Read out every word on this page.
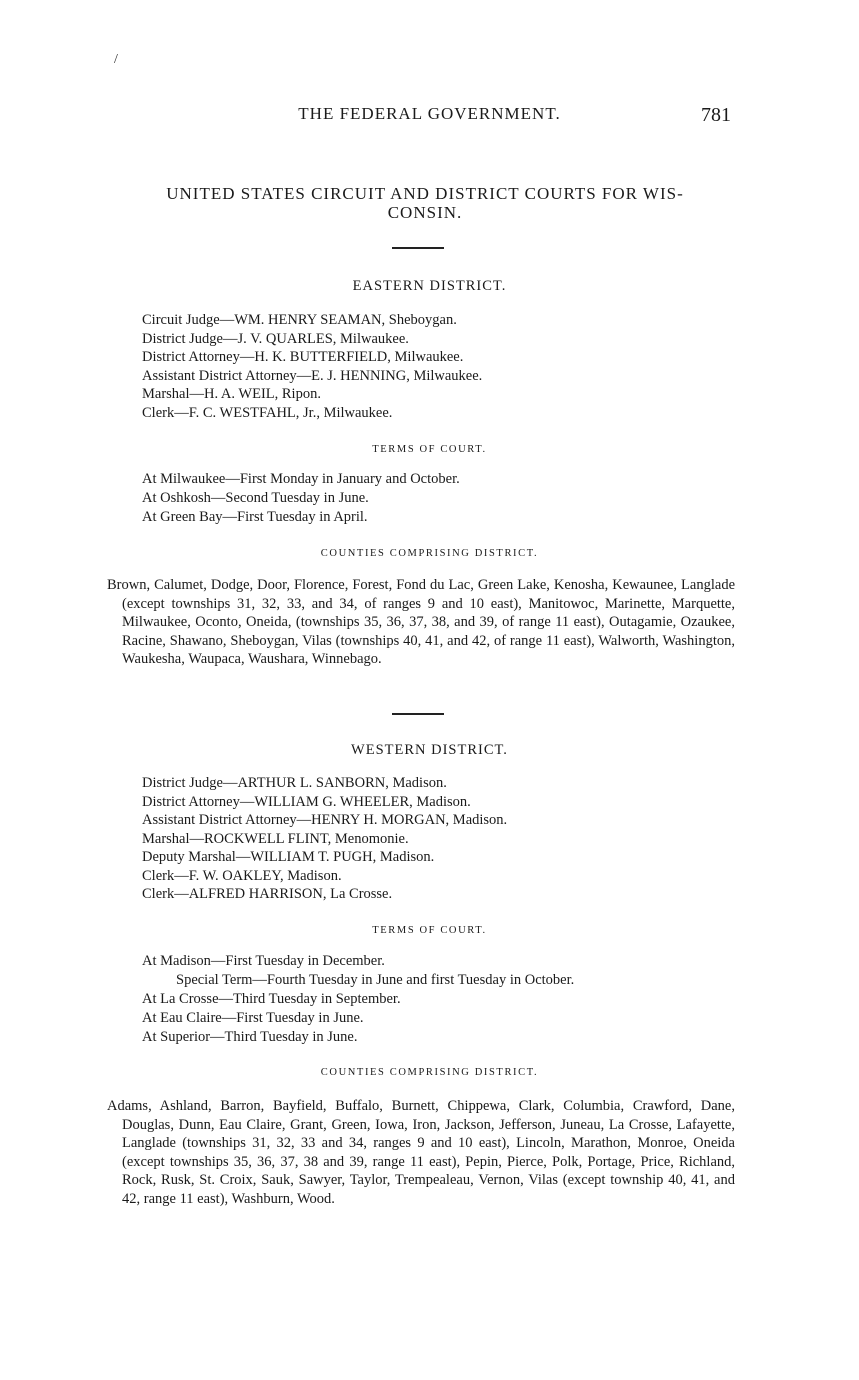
/
THE FEDERAL GOVERNMENT.	781
UNITED STATES CIRCUIT AND DISTRICT COURTS FOR WIS-
CONSIN.
EASTERN DISTRICT.
Circuit Judge—WM. HENRY SEAMAN, Sheboygan.
District Judge—J. V. QUARLES, Milwaukee.
District Attorney—H. K. BUTTERFIELD, Milwaukee.
Assistant District Attorney—E. J. HENNING, Milwaukee.
Marshal—H. A. WEIL, Ripon.
Clerk—F. C. WESTFAHL, Jr., Milwaukee.
TERMS OF COURT.
At Milwaukee—First Monday in January and October.
At Oshkosh—Second Tuesday in June.
At Green Bay—First Tuesday in April.
COUNTIES COMPRISING DISTRICT.

Brown, Calumet, Dodge, Door, Florence, Forest, Fond du Lac, Green Lake, Kenosha, Kewaunee, Langlade (except townships 31, 32, 33, and 34, of ranges 9 and 10 east), Manitowoc, Marinette, Marquette, Milwaukee, Oconto, Oneida, (townships 35, 36, 37, 38, and 39, of range 11 east), Outagamie, Ozaukee, Racine, Shawano, Sheboygan, Vilas (townships 40, 41, and 42, of range 11 east), Walworth, Washington, Waukesha, Waupaca, Waushara, Winnebago.

WESTERN DISTRICT.
District Judge—ARTHUR L. SANBORN, Madison.
District Attorney—WILLIAM G. WHEELER, Madison.
Assistant District Attorney—HENRY H. MORGAN, Madison.
Marshal—ROCKWELL FLINT, Menomonie.
Deputy Marshal—WILLIAM T. PUGH, Madison.
Clerk—F. W. OAKLEY, Madison.
Clerk—ALFRED HARRISON, La Crosse.
TERMS OF COURT.
At Madison—First Tuesday in December.
Special Term—Fourth Tuesday in June and first Tuesday in October.
At La Crosse—Third Tuesday in September.
At Eau Claire—First Tuesday in June.
At Superior—Third Tuesday in June.
COUNTIES COMPRISING DISTRICT.

Adams, Ashland, Barron, Bayfield, Buffalo, Burnett, Chippewa, Clark, Columbia, Crawford, Dane, Douglas, Dunn, Eau Claire, Grant, Green, Iowa, Iron, Jackson, Jefferson, Juneau, La Crosse, Lafayette, Langlade (townships 31, 32, 33 and 34, ranges 9 and 10 east), Lincoln, Marathon, Monroe, Oneida (except townships 35, 36, 37, 38 and 39, range 11 east), Pepin, Pierce, Polk, Portage, Price, Richland, Rock, Rusk, St. Croix, Sauk, Sawyer, Taylor, Trempealeau, Vernon, Vilas (except township 40, 41, and 42, range 11 east), Washburn, Wood.
